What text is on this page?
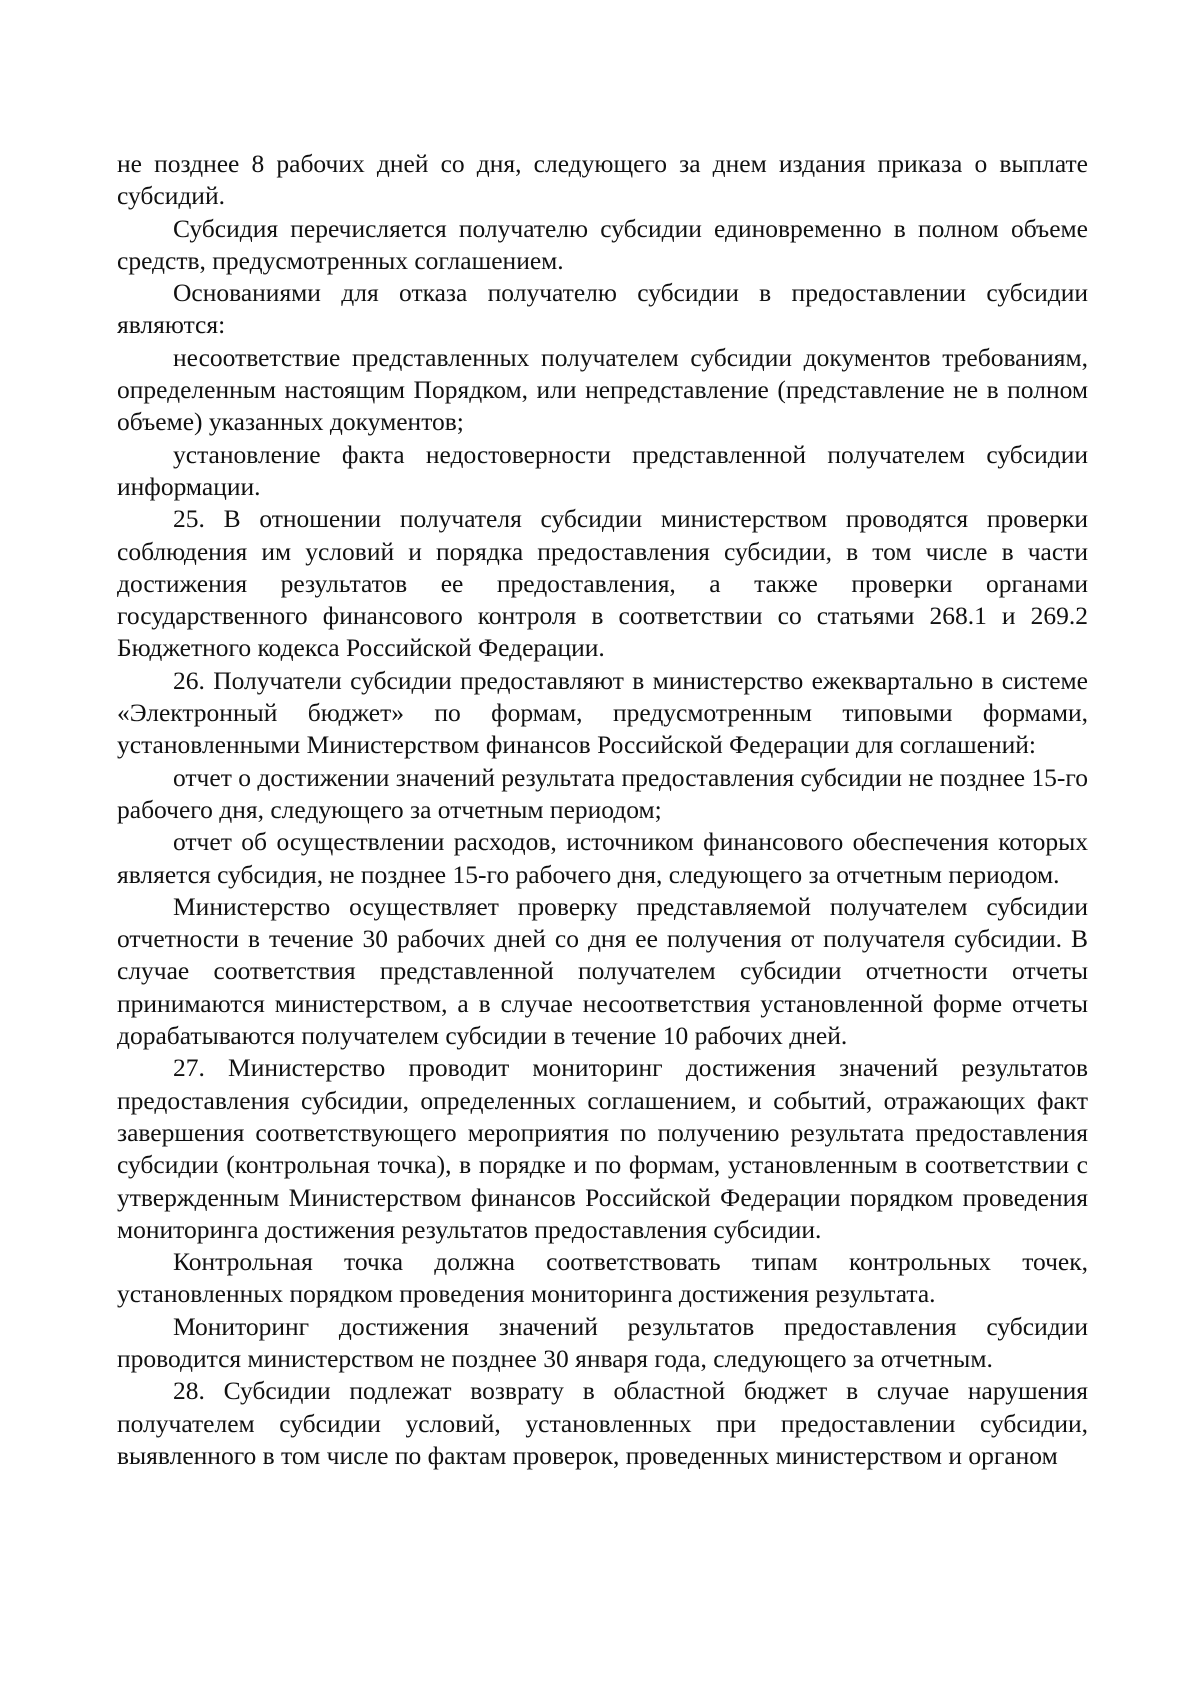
не позднее 8 рабочих дней со дня, следующего за днем издания приказа о выплате субсидий.

Субсидия перечисляется получателю субсидии единовременно в полном объеме средств, предусмотренных соглашением.

Основаниями для отказа получателю субсидии в предоставлении субсидии являются:

несоответствие представленных получателем субсидии документов требованиям, определенным настоящим Порядком, или непредставление (представление не в полном объеме) указанных документов;

установление факта недостоверности представленной получателем субсидии информации.

25. В отношении получателя субсидии министерством проводятся проверки соблюдения им условий и порядка предоставления субсидии, в том числе в части достижения результатов ее предоставления, а также проверки органами государственного финансового контроля в соответствии со статьями 268.1 и 269.2 Бюджетного кодекса Российской Федерации.

26. Получатели субсидии предоставляют в министерство ежеквартально в системе «Электронный бюджет» по формам, предусмотренным типовыми формами, установленными Министерством финансов Российской Федерации для соглашений:

отчет о достижении значений результата предоставления субсидии не позднее 15-го рабочего дня, следующего за отчетным периодом;

отчет об осуществлении расходов, источником финансового обеспечения которых является субсидия, не позднее 15-го рабочего дня, следующего за отчетным периодом.

Министерство осуществляет проверку представляемой получателем субсидии отчетности в течение 30 рабочих дней со дня ее получения от получателя субсидии. В случае соответствия представленной получателем субсидии отчетности отчеты принимаются министерством, а в случае несоответствия установленной форме отчеты дорабатываются получателем субсидии в течение 10 рабочих дней.

27. Министерство проводит мониторинг достижения значений результатов предоставления субсидии, определенных соглашением, и событий, отражающих факт завершения соответствующего мероприятия по получению результата предоставления субсидии (контрольная точка), в порядке и по формам, установленным в соответствии с утвержденным Министерством финансов Российской Федерации порядком проведения мониторинга достижения результатов предоставления субсидии.

Контрольная точка должна соответствовать типам контрольных точек, установленных порядком проведения мониторинга достижения результата.

Мониторинг достижения значений результатов предоставления субсидии проводится министерством не позднее 30 января года, следующего за отчетным.

28. Субсидии подлежат возврату в областной бюджет в случае нарушения получателем субсидии условий, установленных при предоставлении субсидии, выявленного в том числе по фактам проверок, проведенных министерством и органом
